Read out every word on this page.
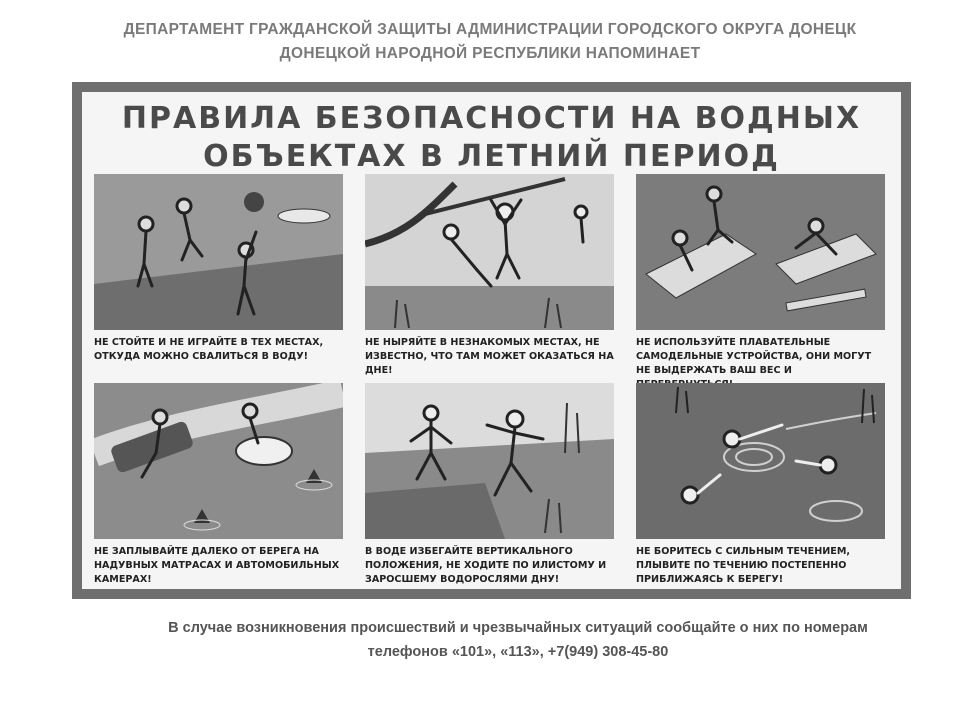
ДЕПАРТАМЕНТ ГРАЖДАНСКОЙ ЗАЩИТЫ АДМИНИСТРАЦИИ ГОРОДСКОГО ОКРУГА ДОНЕЦК
ДОНЕЦКОЙ НАРОДНОЙ РЕСПУБЛИКИ НАПОМИНАЕТ
ПРАВИЛА БЕЗОПАСНОСТИ НА ВОДНЫХ
ОБЪЕКТАХ В ЛЕТНИЙ ПЕРИОД
НЕ СТОЙТЕ И НЕ ИГРАЙТЕ В ТЕХ МЕСТАХ, ОТКУДА МОЖНО СВАЛИТЬСЯ В ВОДУ!
НЕ НЫРЯЙТЕ В НЕЗНАКОМЫХ МЕСТАХ, НЕ ИЗВЕСТНО, ЧТО ТАМ МОЖЕТ ОКАЗАТЬСЯ НА ДНЕ!
НЕ ИСПОЛЬЗУЙТЕ ПЛАВАТЕЛЬНЫЕ САМОДЕЛЬНЫЕ УСТРОЙСТВА, ОНИ МОГУТ НЕ ВЫДЕРЖАТЬ ВАШ ВЕС И
НЕ ЗАПЛЫВАЙТЕ ДАЛЕКО ОТ БЕРЕГА НА НАДУВНЫХ МАТРАСАХ И АВТОМОБИЛЬНЫХ КАМЕРАХ!
В ВОДЕ ИЗБЕГАЙТЕ ВЕРТИКАЛЬНОГО ПОЛОЖЕНИЯ, НЕ ХОДИТЕ ПО ИЛИСТОМУ И ЗАРОСШЕМУ ВОДОРОСЛЯМИ ДНУ!
НЕ БОРИТЕСЬ С СИЛЬНЫМ ТЕЧЕНИЕМ, ПЛЫВИТЕ ПО ТЕЧЕНИЮ ПОСТЕПЕННО ПРИБЛИЖАЯСЬ К БЕРЕГУ!
В случае возникновения происшествий и чрезвычайных ситуаций сообщайте о них по номерам
телефонов «101», «113», +7(949) 308-45-80
